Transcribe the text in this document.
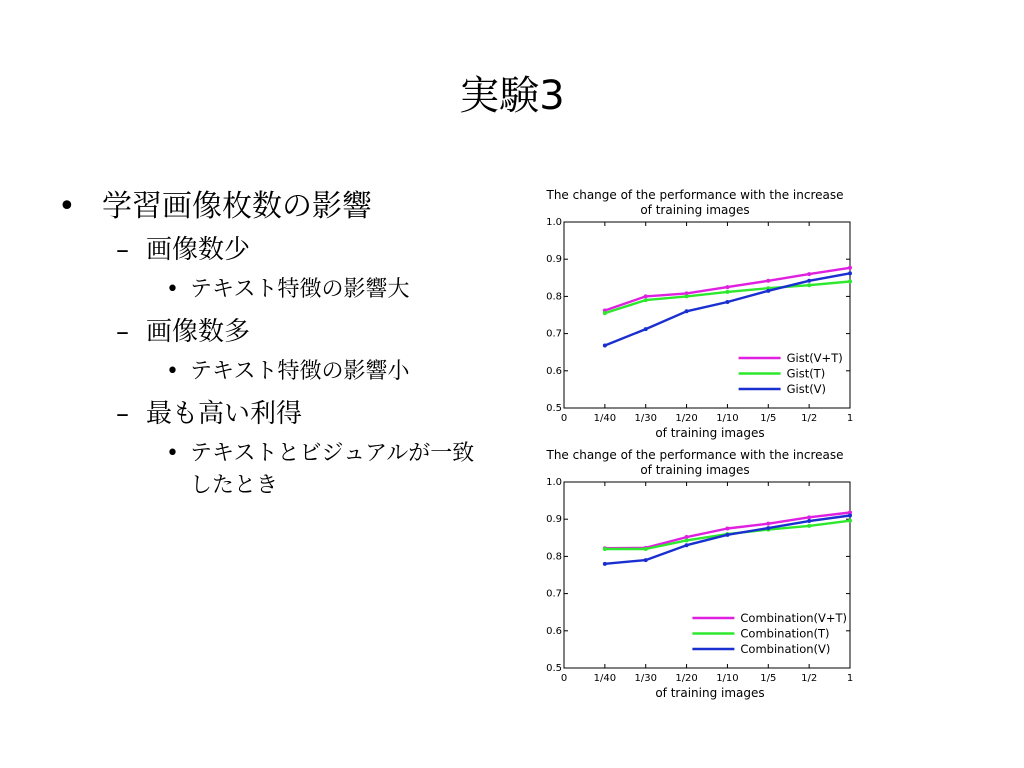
実験3
• 学習画像枚数の影響
– 画像数少
• テキスト特徴の影響大
– 画像数多
• テキスト特徴の影響小
– 最も高い利得
• テキストとビジュアルが一致したとき
The change of the performance with the increase
of training images
0.5
0.6
0.7
0.8
0.9
1.0
0	1/40 1/30 1/20 1/10 1/5 1/2	1
of training images
Gist(V+T)
Gist(T)
Gist(V)
The change of the performance with the increase
of training images
0.5
0.6
0.7
0.8
0.9
1.0
0	1/40 1/30 1/20 1/10 1/5 1/2	1
of training images
Combination(V+T)
Combination(T)
Combination(V)
